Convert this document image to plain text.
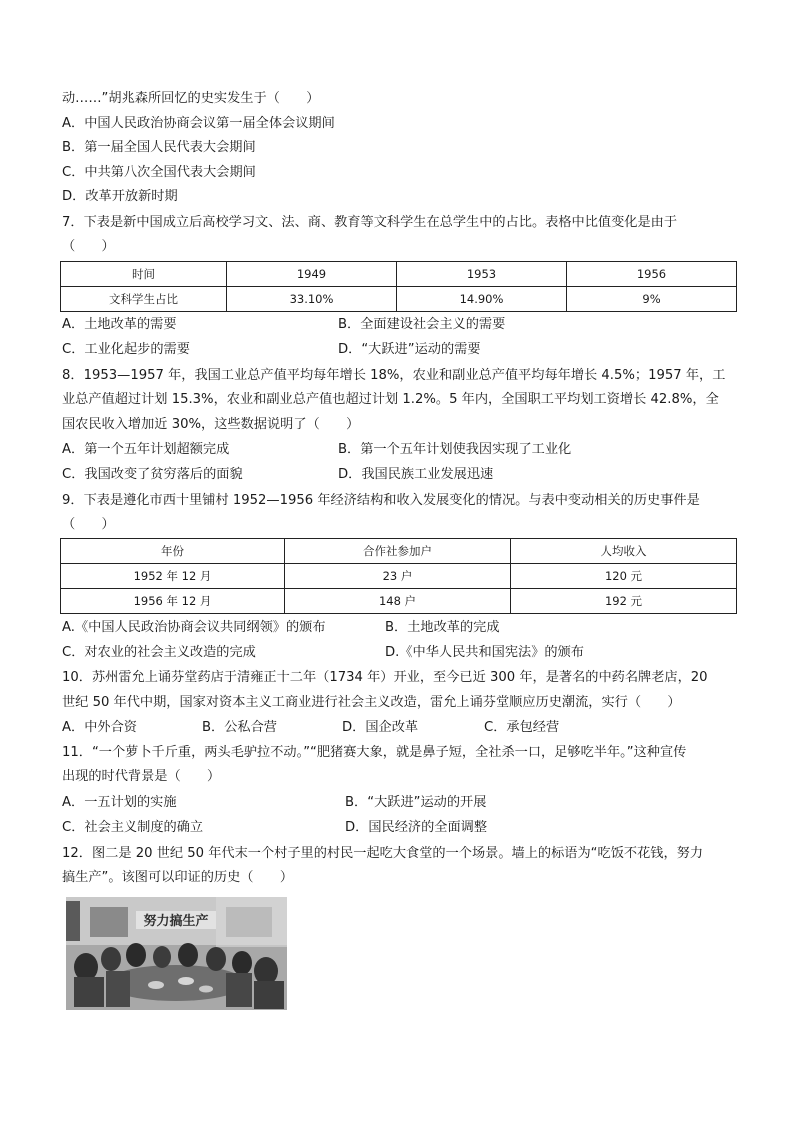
动……”胡兆森所回忆的史实发生于（　　）
A．中国人民政治协商会议第一届全体会议期间
B．第一届全国人民代表大会期间
C．中共第八次全国代表大会期间
D．改革开放新时期
7．下表是新中国成立后高校学习文、法、商、教育等文科学生在总学生中的占比。表格中比值变化是由于
（　　）
时间	1949	1953	1956
文科学生占比	33.10%	14.90%	9%
A．土地改革的需要	B．全面建设社会主义的需要
C．工业化起步的需要	D．“大跃进”运动的需要
8．1953—1957 年，我国工业总产值平均每年增长 18%，农业和副业总产值平均每年增长 4.5%；1957 年，工
业总产值超过计划 15.3%，农业和副业总产值也超过计划 1.2%。5 年内，全国职工平均划工资增长 42.8%，全
国农民收入增加近 30%，这些数据说明了（　　）
A．第一个五年计划超额完成	B．第一个五年计划使我因实现了工业化
C．我国改变了贫穷落后的面貌	D．我国民族工业发展迅速
9．下表是遵化市西十里铺村 1952—1956 年经济结构和收入发展变化的情况。与表中变动相关的历史事件是
（　　）
年份	合作社参加户	人均收入
1952 年 12 月	23 户	120 元
1956 年 12 月	148 户	192 元
A.《中国人民政治协商会议共同纲领》的颁布	B．土地改革的完成
C．对农业的社会主义改造的完成	D.《中华人民共和国宪法》的颁布
10．苏州雷允上诵芬堂药店于清雍正十二年（1734 年）开业，至今已近 300 年，是著名的中药名牌老店，20
世纪 50 年代中期，国家对资本主义工商业进行社会主义改造，雷允上诵芬堂顺应历史潮流，实行（　　）
A．中外合资	B．公私合营	D．国企改革	C．承包经营
11．“一个萝卜千斤重，两头毛驴拉不动。”“肥猪赛大象，就是鼻子短，全社杀一口，足够吃半年。”这种宣传
出现的时代背景是（　　）
A．一五计划的实施	B．“大跃进”运动的开展
C．社会主义制度的确立	D．国民经济的全面调整
12．图二是 20 世纪 50 年代末一个村子里的村民一起吃大食堂的一个场景。墙上的标语为“吃饭不花钱，努力
搞生产”。该图可以印证的历史（　　）
努力搞生产
